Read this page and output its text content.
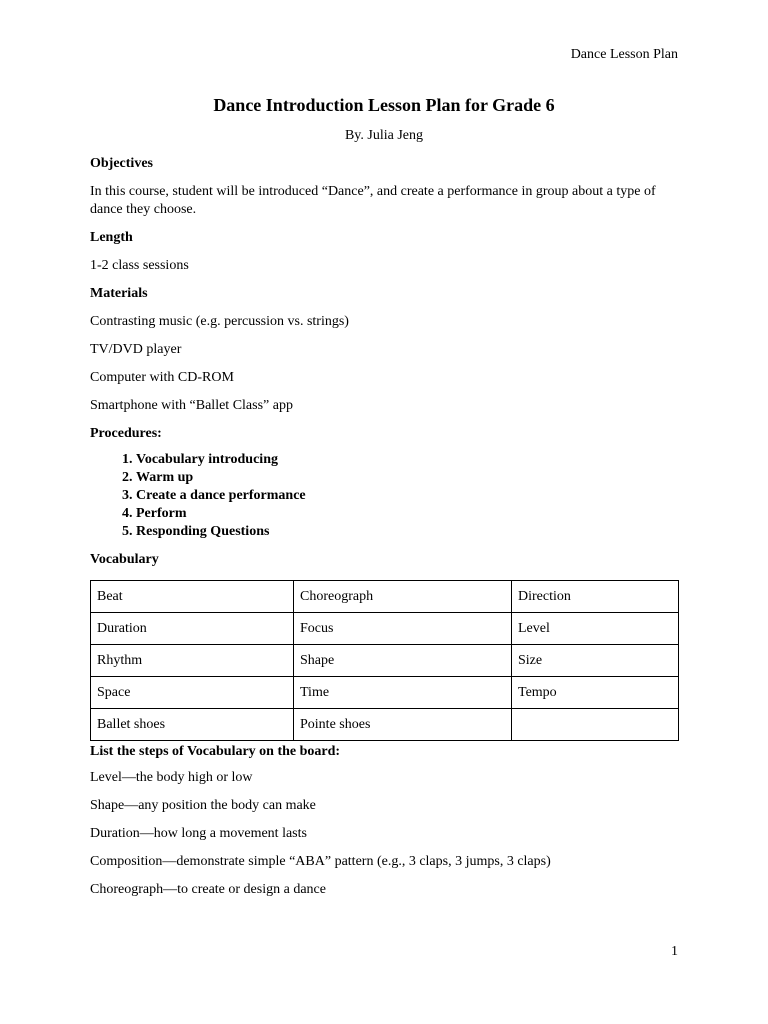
Dance Lesson Plan
Dance Introduction Lesson Plan for Grade 6

By. Julia Jeng

Objectives

In this course, student will be introduced “Dance”, and create a performance in group about a type of dance they choose.

Length

1-2 class sessions

Materials

Contrasting music (e.g. percussion vs. strings)

TV/DVD player

Computer with CD-ROM

Smartphone with “Ballet Class” app

Procedures:

1. Vocabulary introducing
2. Warm up
3. Create a dance performance
4. Perform
5. Responding Questions

Vocabulary

Beat	Choreograph	Direction
Duration	Focus	Level
Rhythm	Shape	Size
Space	Time	Tempo
Ballet shoes	Pointe shoes	

List the steps of Vocabulary on the board:

Level—the body high or low

Shape—any position the body can make

Duration—how long a movement lasts

Composition—demonstrate simple “ABA” pattern (e.g., 3 claps, 3 jumps, 3 claps)

Choreograph—to create or design a dance

1
